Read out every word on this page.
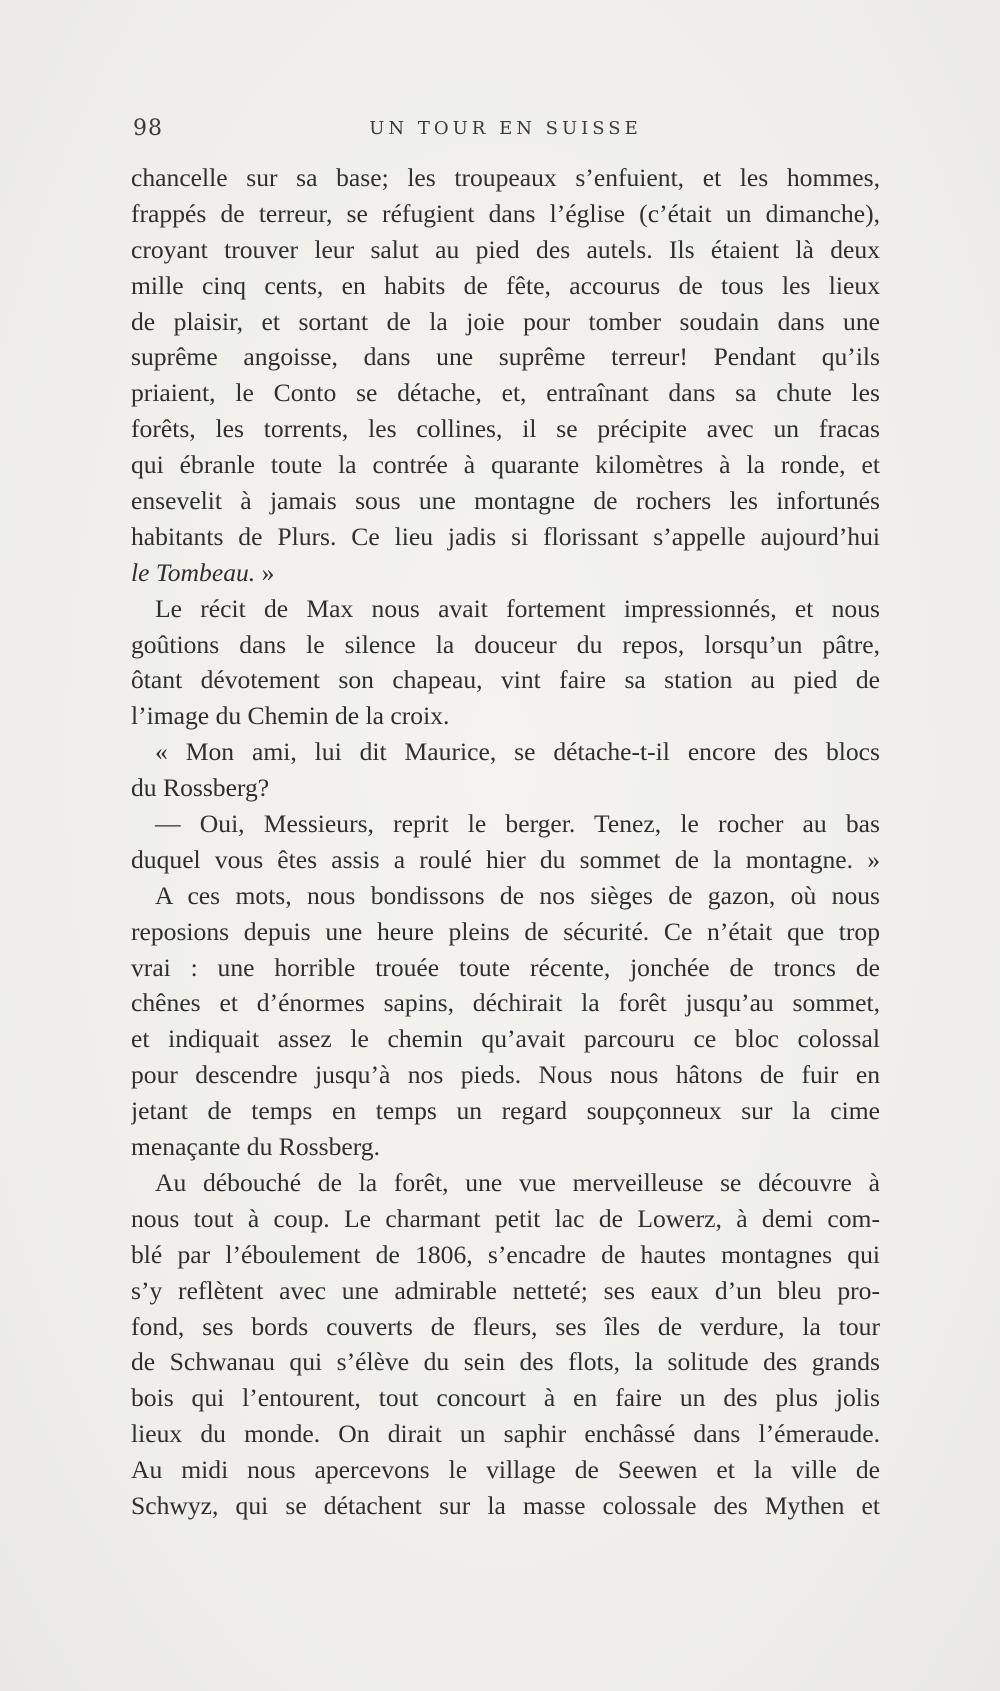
98	UN TOUR EN SUISSE
chancelle sur sa base; les troupeaux s’enfuient, et les hommes,
frappés de terreur, se réfugient dans l’église (c’était un dimanche),
croyant trouver leur salut au pied des autels. Ils étaient là deux
mille cinq cents, en habits de fête, accourus de tous les lieux
de plaisir, et sortant de la joie pour tomber soudain dans une
suprême angoisse, dans une suprême terreur! Pendant qu’ils
priaient, le Conto se détache, et, entraînant dans sa chute les
forêts, les torrents, les collines, il se précipite avec un fracas
qui ébranle toute la contrée à quarante kilomètres à la ronde, et
ensevelit à jamais sous une montagne de rochers les infortunés
habitants de Plurs. Ce lieu jadis si florissant s’appelle aujourd’hui
le Tombeau. »
Le récit de Max nous avait fortement impressionnés, et nous
goûtions dans le silence la douceur du repos, lorsqu’un pâtre,
ôtant dévotement son chapeau, vint faire sa station au pied de
l’image du Chemin de la croix.
« Mon ami, lui dit Maurice, se détache-t-il encore des blocs
du Rossberg?
— Oui, Messieurs, reprit le berger. Tenez, le rocher au bas
duquel vous êtes assis a roulé hier du sommet de la montagne. »
A ces mots, nous bondissons de nos sièges de gazon, où nous
reposions depuis une heure pleins de sécurité. Ce n’était que trop
vrai : une horrible trouée toute récente, jonchée de troncs de
chênes et d’énormes sapins, déchirait la forêt jusqu’au sommet,
et indiquait assez le chemin qu’avait parcouru ce bloc colossal
pour descendre jusqu’à nos pieds. Nous nous hâtons de fuir en
jetant de temps en temps un regard soupçonneux sur la cime
menaçante du Rossberg.
Au débouché de la forêt, une vue merveilleuse se découvre à
nous tout à coup. Le charmant petit lac de Lowerz, à demi com-
blé par l’éboulement de 1806, s’encadre de hautes montagnes qui
s’y reflètent avec une admirable netteté; ses eaux d’un bleu pro-
fond, ses bords couverts de fleurs, ses îles de verdure, la tour
de Schwanau qui s’élève du sein des flots, la solitude des grands
bois qui l’entourent, tout concourt à en faire un des plus jolis
lieux du monde. On dirait un saphir enchâssé dans l’émeraude.
Au midi nous apercevons le village de Seewen et la ville de
Schwyz, qui se détachent sur la masse colossale des Mythen et
